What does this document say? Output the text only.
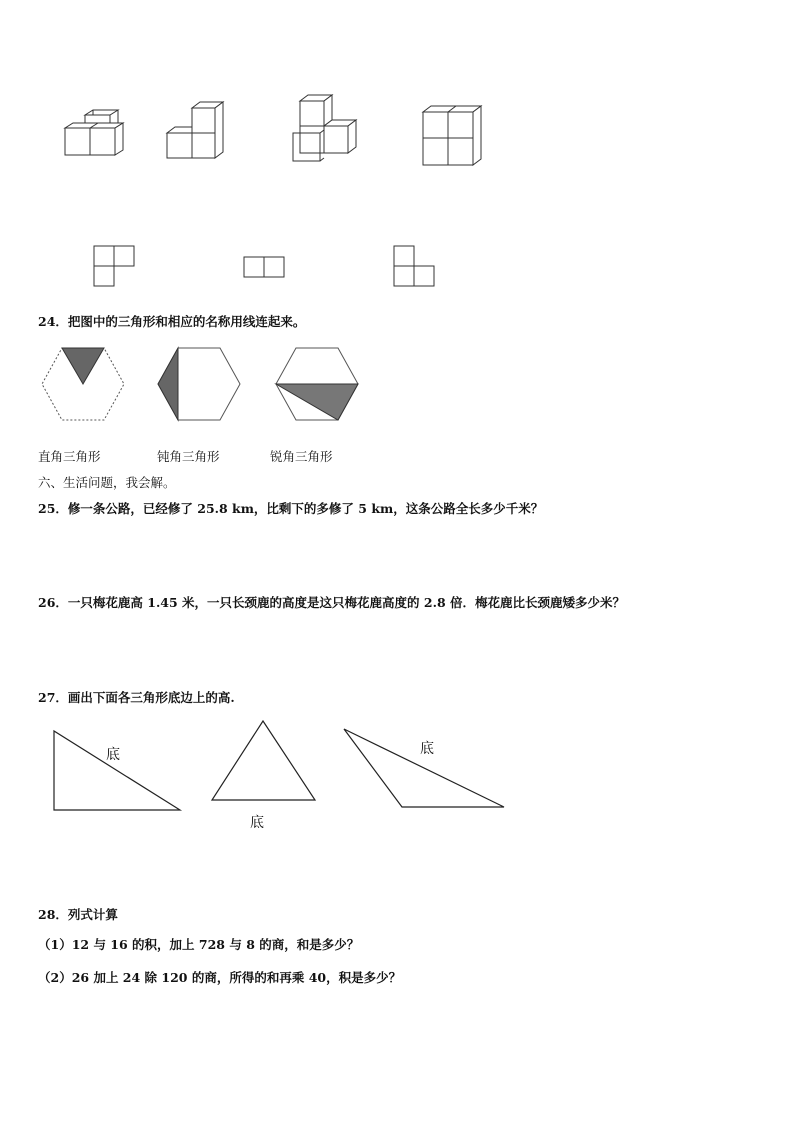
24．把图中的三角形和相应的名称用线连起来。
直角三角形	钝角三角形	锐角三角形
六、生活问题，我会解。
25．修一条公路，已经修了 25.8 km，比剩下的多修了 5 km，这条公路全长多少千米？
26．一只梅花鹿高 1.45 米，一只长颈鹿的高度是这只梅花鹿高度的 2.8 倍．梅花鹿比长颈鹿矮多少米？
27．画出下面各三角形底边上的高.
底
底
底
28．列式计算
（1）12 与 16 的积，加上 728 与 8 的商，和是多少？
（2）26 加上 24 除 120 的商，所得的和再乘 40，积是多少？
